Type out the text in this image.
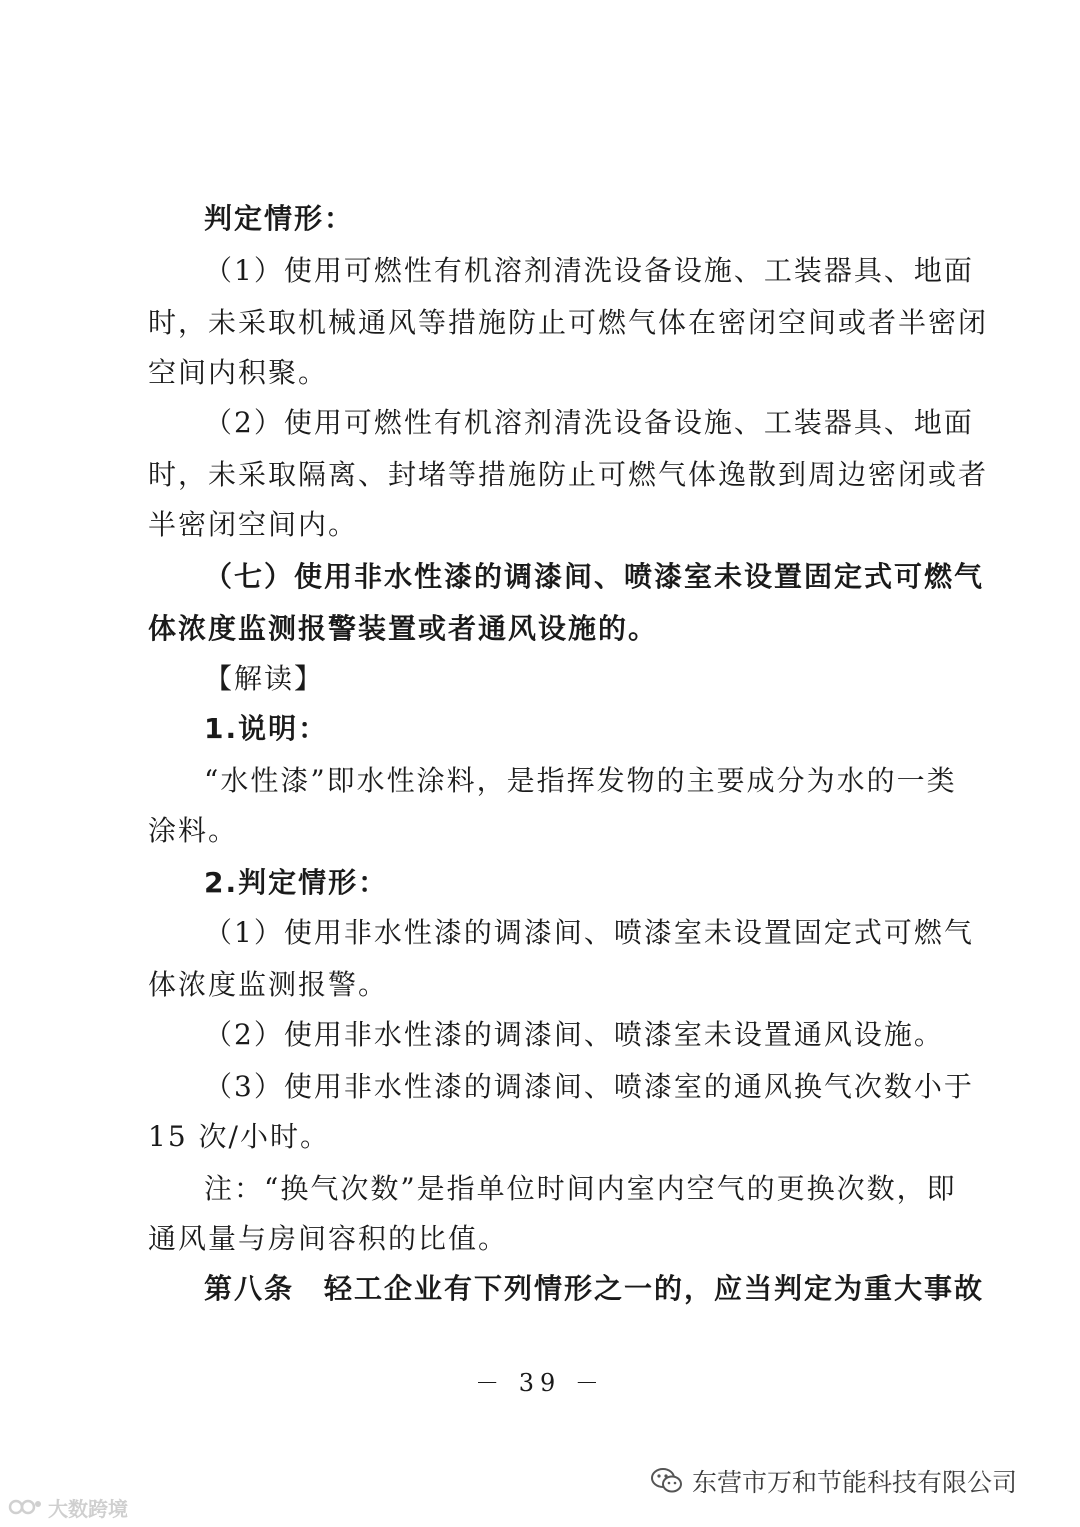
判定情形：
（1）使用可燃性有机溶剂清洗设备设施、工装器具、地面
时，未采取机械通风等措施防止可燃气体在密闭空间或者半密闭
空间内积聚。
（2）使用可燃性有机溶剂清洗设备设施、工装器具、地面
时，未采取隔离、封堵等措施防止可燃气体逸散到周边密闭或者
半密闭空间内。
（七）使用非水性漆的调漆间、喷漆室未设置固定式可燃气
体浓度监测报警装置或者通风设施的。
【解读】
1.说明：
“水性漆”即水性涂料，是指挥发物的主要成分为水的一类
涂料。
2.判定情形：
（1）使用非水性漆的调漆间、喷漆室未设置固定式可燃气
体浓度监测报警。
（2）使用非水性漆的调漆间、喷漆室未设置通风设施。
（3）使用非水性漆的调漆间、喷漆室的通风换气次数小于
15 次/小时。
注：“换气次数”是指单位时间内室内空气的更换次数，即
通风量与房间容积的比值。
第八条　轻工企业有下列情形之一的，应当判定为重大事故
－ 39 －
东营市万和节能科技有限公司
大数跨境
